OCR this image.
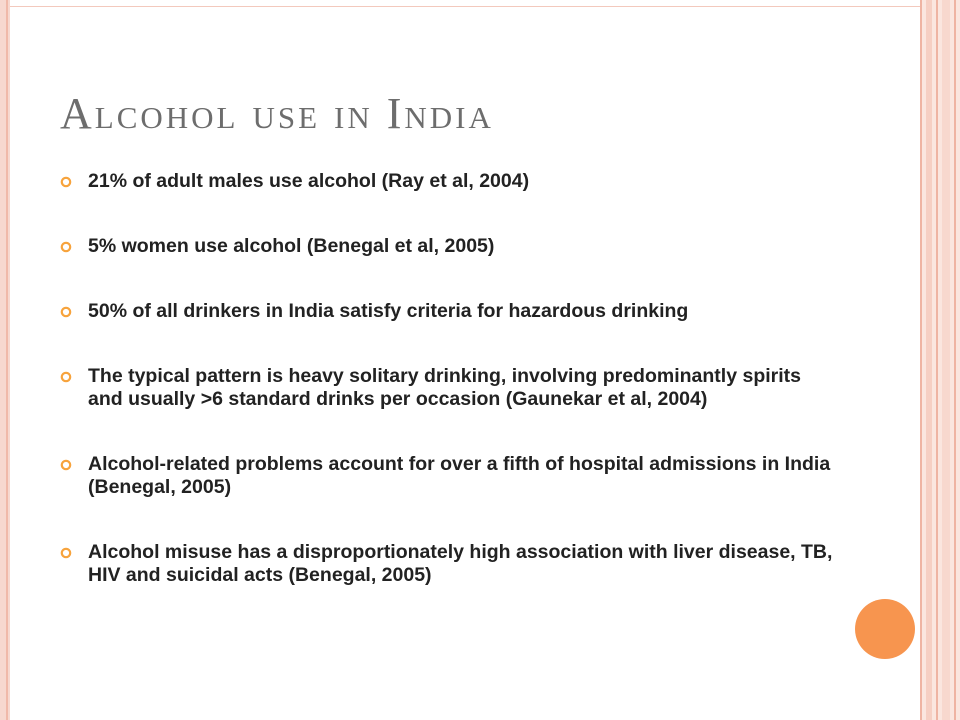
Alcohol use in India
21% of adult males use alcohol (Ray et al, 2004)
5% women use alcohol (Benegal et al, 2005)
50% of all drinkers in India satisfy criteria for hazardous drinking
The typical pattern is heavy solitary drinking, involving predominantly spirits and usually >6 standard drinks per occasion (Gaunekar et al, 2004)
Alcohol-related problems account for over a fifth of hospital admissions in India (Benegal, 2005)
Alcohol misuse has a disproportionately high association with liver disease, TB, HIV and suicidal acts (Benegal, 2005)
